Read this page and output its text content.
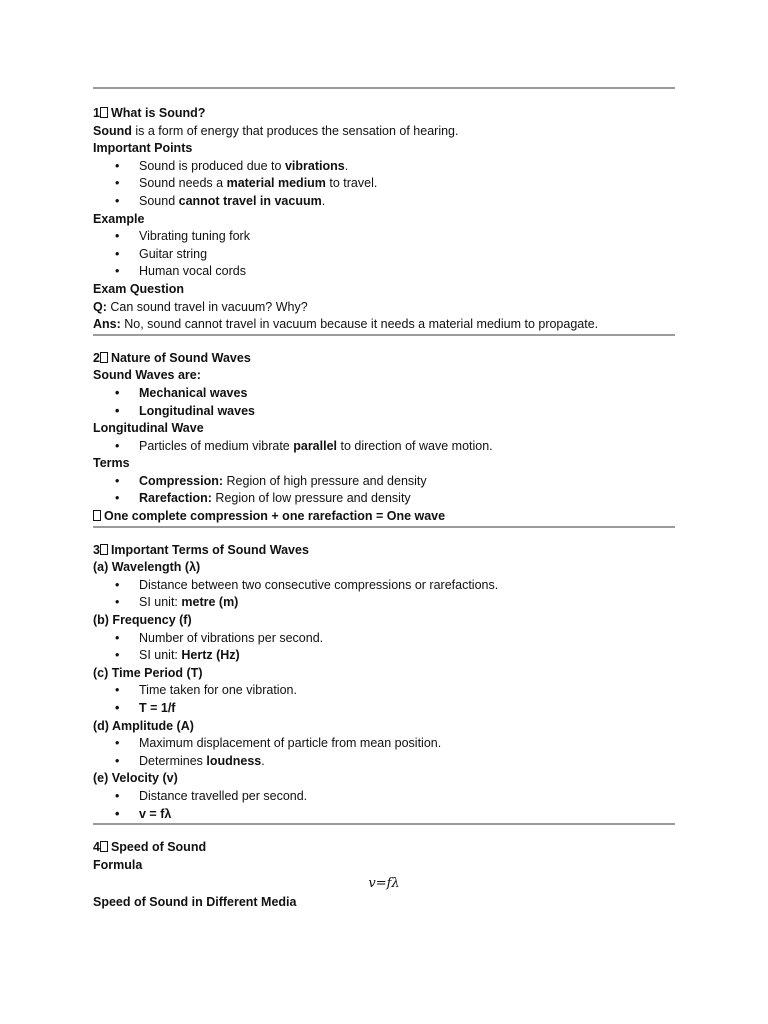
1 What is Sound?
Sound is a form of energy that produces the sensation of hearing.
Important Points
• Sound is produced due to vibrations.
• Sound needs a material medium to travel.
• Sound cannot travel in vacuum.
Example
• Vibrating tuning fork
• Guitar string
• Human vocal cords
Exam Question
Q: Can sound travel in vacuum? Why?
Ans: No, sound cannot travel in vacuum because it needs a material medium to propagate.
2 Nature of Sound Waves
Sound Waves are:
• Mechanical waves
• Longitudinal waves
Longitudinal Wave
• Particles of medium vibrate parallel to direction of wave motion.
Terms
• Compression: Region of high pressure and density
• Rarefaction: Region of low pressure and density
One complete compression + one rarefaction = One wave
3 Important Terms of Sound Waves
(a) Wavelength (λ)
• Distance between two consecutive compressions or rarefactions.
• SI unit: metre (m)
(b) Frequency (f)
• Number of vibrations per second.
• SI unit: Hertz (Hz)
(c) Time Period (T)
• Time taken for one vibration.
• T = 1/f
(d) Amplitude (A)
• Maximum displacement of particle from mean position.
• Determines loudness.
(e) Velocity (v)
• Distance travelled per second.
• v = fλ
4 Speed of Sound
Formula
v=fλ
Speed of Sound in Different Media
